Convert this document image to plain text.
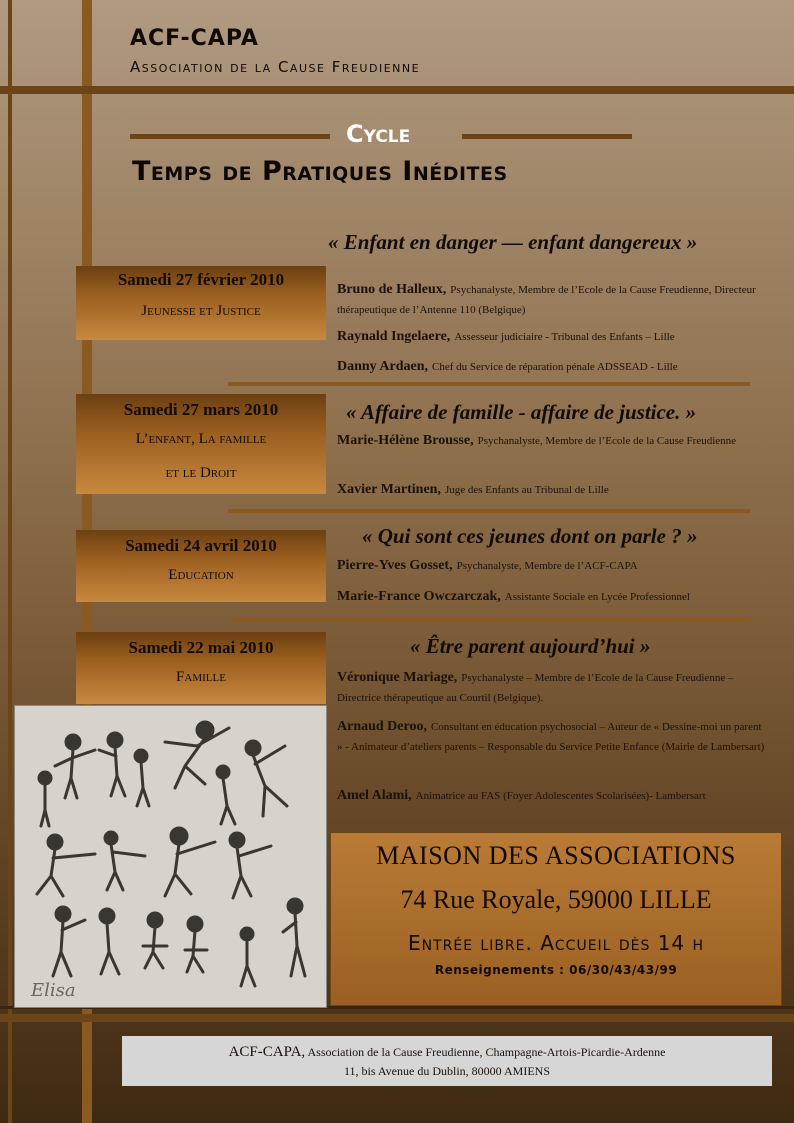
ACF-CAPA
Association de la Cause Freudienne
Cycle
Temps de Pratiques Inédites
« Enfant en danger — enfant dangereux »
Samedi 27 février 2010
Jeunesse et Justice
Bruno de Halleux, Psychanalyste, Membre de l’Ecole de la Cause Freudienne, Directeur thérapeutique de l’Antenne 110 (Belgique)
Raynald Ingelaere, Assesseur judiciaire - Tribunal des Enfants – Lille
Danny Ardaen, Chef du Service de réparation pénale ADSSEAD - Lille
Samedi 27 mars 2010
L’enfant, La famille
et le Droit
« Affaire de famille - affaire de justice. »
Marie-Hélène Brousse, Psychanalyste, Membre de l’Ecole de la Cause Freudienne
Xavier Martinen, Juge des Enfants au Tribunal de Lille
Samedi 24 avril 2010
Education
« Qui sont ces jeunes dont on parle ? »
Pierre-Yves Gosset, Psychanalyste, Membre de l’ACF-CAPA
Marie-France Owczarczak, Assistante Sociale en Lycée Professionnel
Samedi 22 mai 2010
Famille
« Être parent aujourd’hui »
Véronique Mariage, Psychanalyste – Membre de l’Ecole de la Cause Freudienne – Directrice thérapeutique au Courtil (Belgique).
Arnaud Deroo, Consultant en éducation psychosocial – Auteur de « Dessine-moi un parent » - Animateur d’ateliers parents – Responsable du Service Petite Enfance (Mairie de Lambersart)
Amel Alami, Animatrice au FAS (Foyer Adolescentes Scolarisées)- Lambersart
Elisa
MAISON DES ASSOCIATIONS
74 Rue Royale, 59000 LILLE
Entrée libre. Accueil dès 14 h
Renseignements : 06/30/43/43/99
ACF-CAPA, Association de la Cause Freudienne, Champagne-Artois-Picardie-Ardenne
11, bis Avenue du Dublin, 80000 AMIENS
